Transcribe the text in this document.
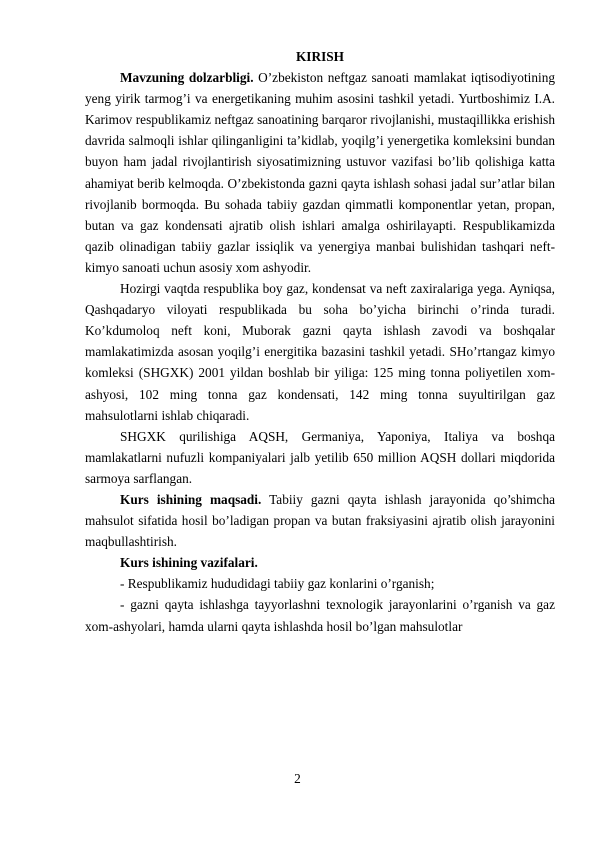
KIRISH

Mavzuning dolzarbligi. O’zbekiston neftgaz sanoati mamlakat iqtisodiyotining yeng yirik tarmog’i va energetikaning muhim asosini tashkil yetadi. Yurtboshimiz I.A. Karimov respublikamiz neftgaz sanoatining barqaror rivojlanishi, mustaqillikka erishish davrida salmoqli ishlar qilinganligini ta’kidlab, yoqilg’i yenergetika komleksini bundan buyon ham jadal rivojlantirish siyosatimizning ustuvor vazifasi bo’lib qolishiga katta ahamiyat berib kelmoqda. O’zbekistonda gazni qayta ishlash sohasi jadal sur’atlar bilan rivojlanib bormoqda. Bu sohada tabiiy gazdan qimmatli komponentlar yetan, propan, butan va gaz kondensati ajratib olish ishlari amalga oshirilayapti. Respublikamizda qazib olinadigan tabiiy gazlar issiqlik va yenergiya manbai bulishidan tashqari neft-kimyo sanoati uchun asosiy xom ashyodir.

Hozirgi vaqtda respublika boy gaz, kondensat va neft zaxiralariga yega. Ayniqsa, Qashqadaryo viloyati respublikada bu soha bo’yicha birinchi o’rinda turadi. Ko’kdumoloq neft koni, Muborak gazni qayta ishlash zavodi va boshqalar mamlakatimizda asosan yoqilg’i energitika bazasini tashkil yetadi. SHo’rtangaz kimyo komleksi (SHGXK) 2001 yildan boshlab bir yiliga: 125 ming tonna poliyetilen xom-ashyosi, 102 ming tonna gaz kondensati, 142 ming tonna suyultirilgan gaz mahsulotlarni ishlab chiqaradi.

SHGXK qurilishiga AQSH, Germaniya, Yaponiya, Italiya va boshqa mamlakatlarni nufuzli kompaniyalari jalb yetilib 650 million AQSH dollari miqdorida sarmoya sarflangan.

Kurs ishining maqsadi. Tabiiy gazni qayta ishlash jarayonida qo’shimcha mahsulot sifatida hosil bo’ladigan propan va butan fraksiyasini ajratib olish jarayonini maqbullashtirish.

Kurs ishining vazifalari.

- Respublikamiz hududidagi tabiiy gaz konlarini o’rganish;

- gazni qayta ishlashga tayyorlashni texnologik jarayonlarini o’rganish va gaz xom-ashyolari, hamda ularni qayta ishlashda hosil bo’lgan mahsulotlar

2
